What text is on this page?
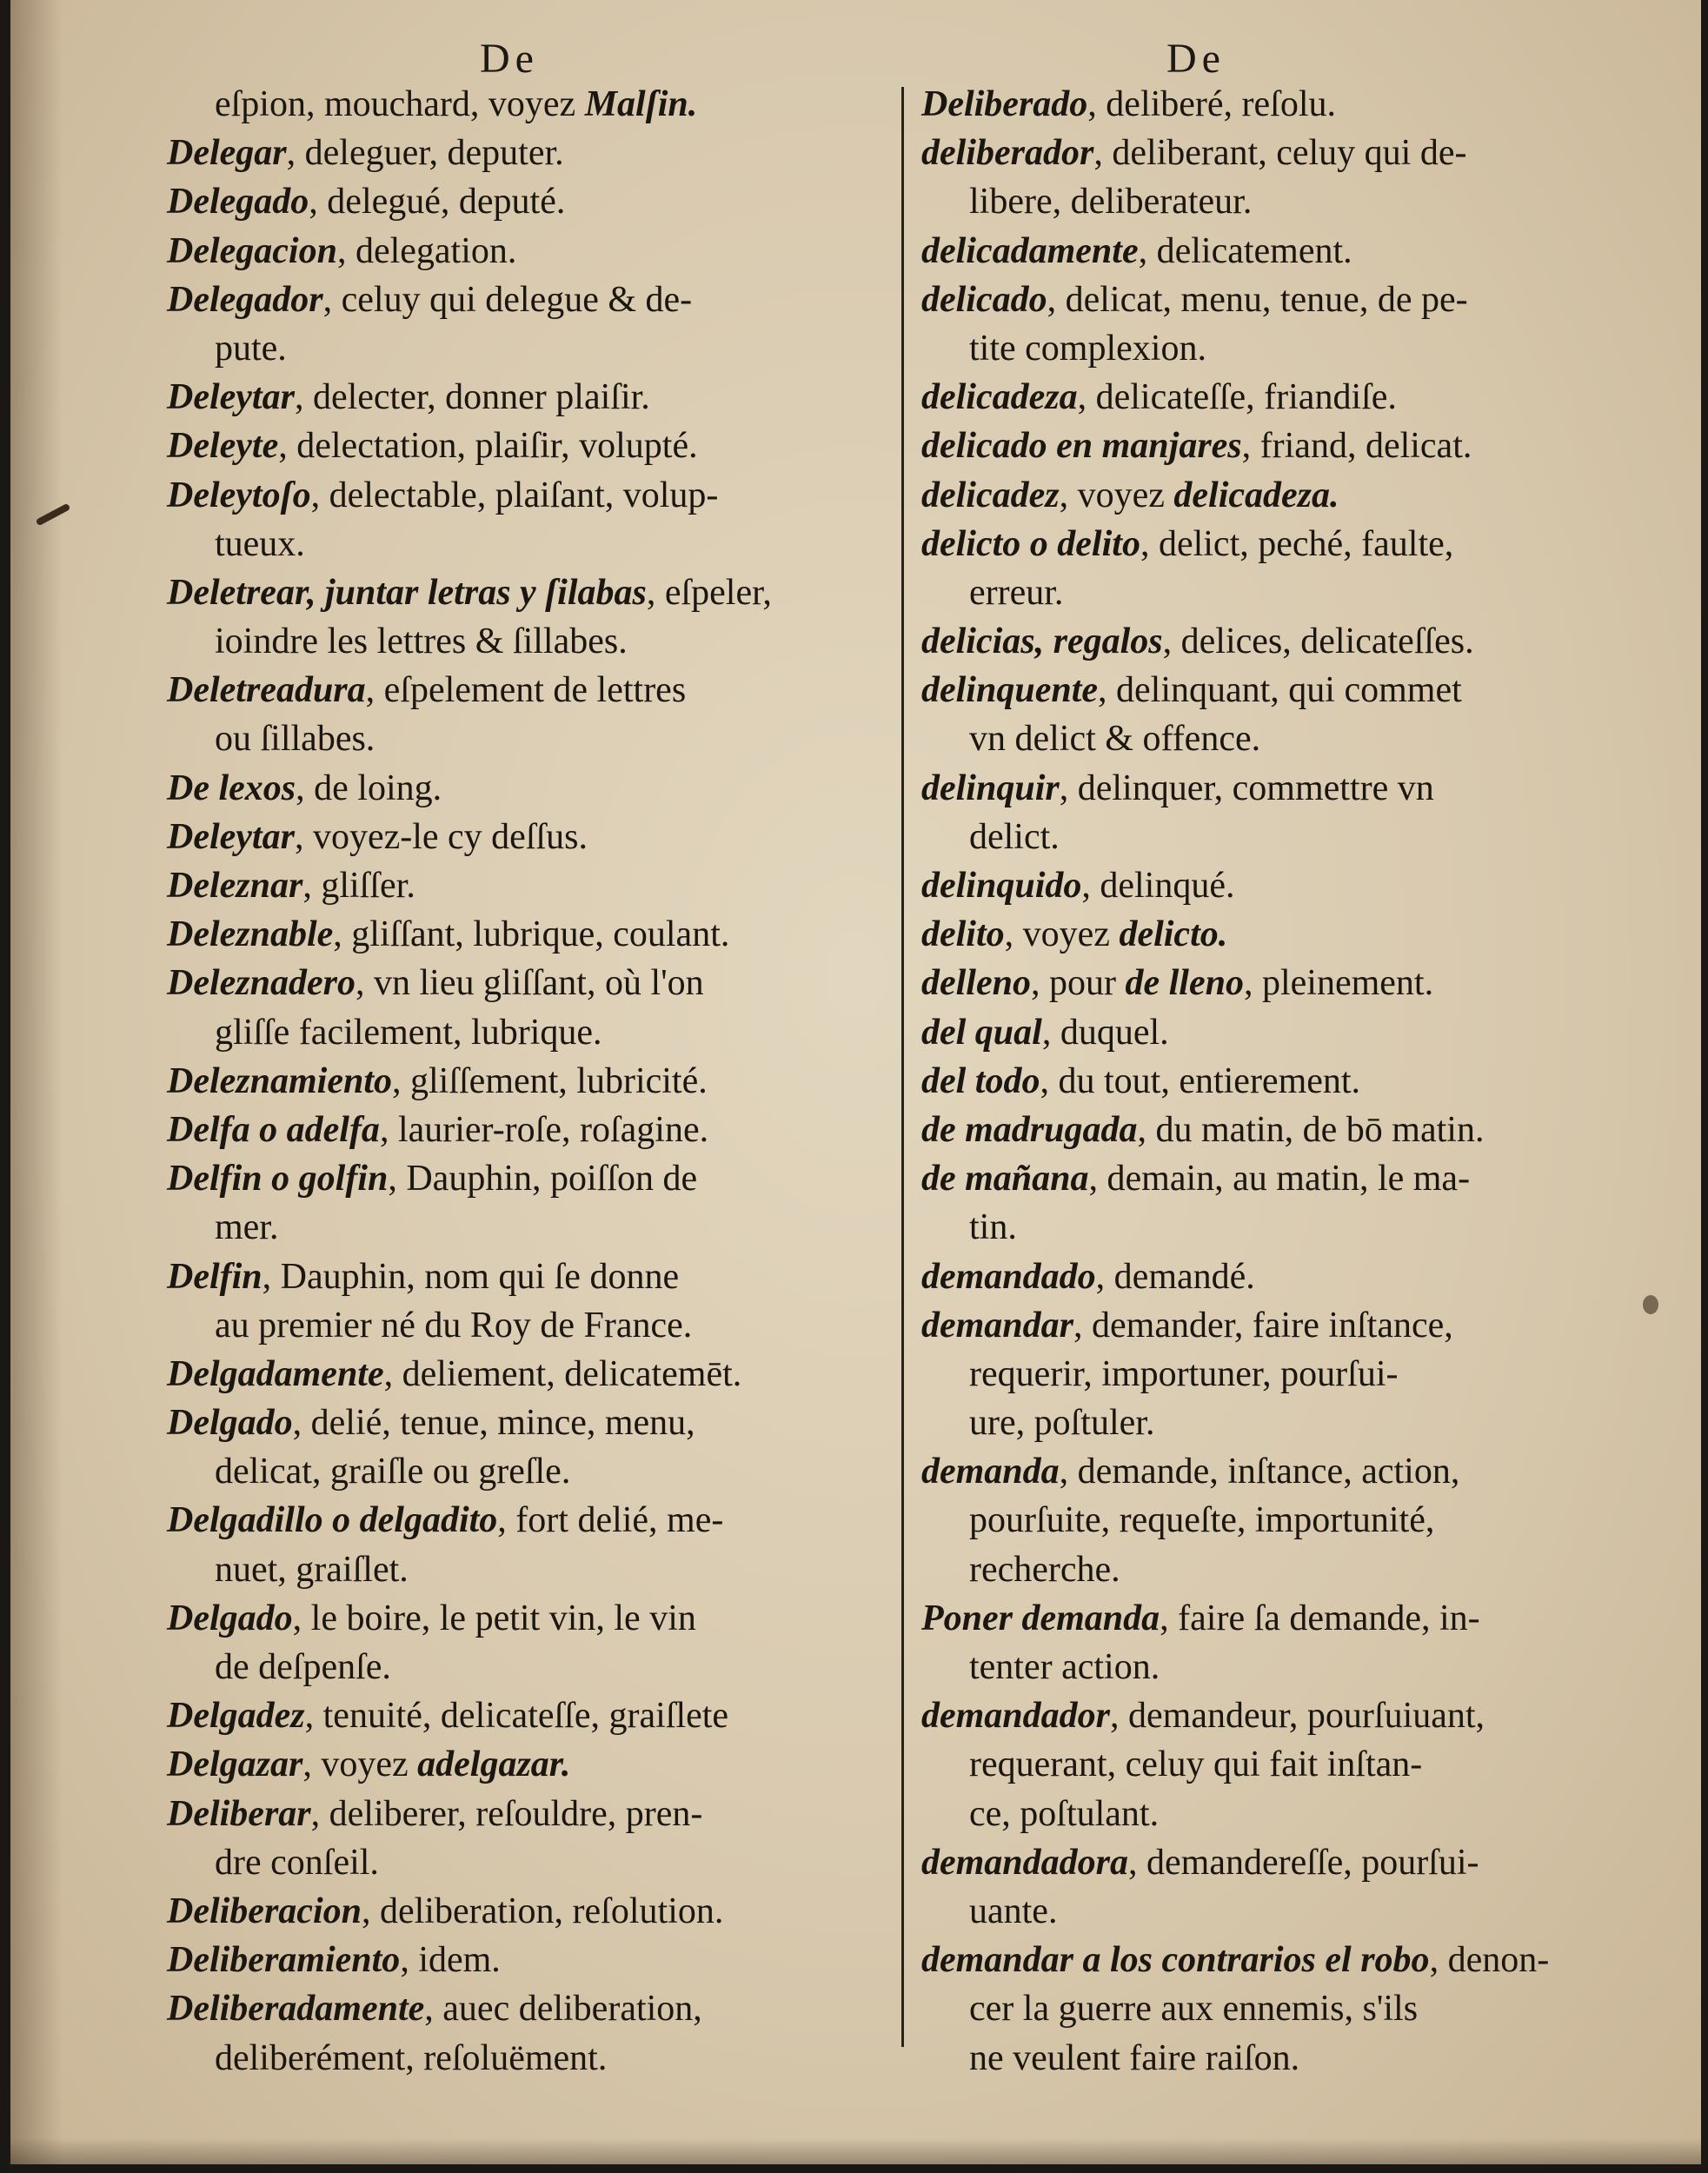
De	De
eſpion, mouchard, voyez Malſin.
Delegar, deleguer, deputer.
Delegado, delegué, deputé.
Delegacion, delegation.
Delegador, celuy qui delegue & de-
pute.
Deleytar, delecter, donner plaiſir.
Deleyte, delectation, plaiſir, volupté.
Deleytoſo, delectable, plaiſant, volup-
tueux.
Deletrear, juntar letras y ſilabas, eſpeler,
ioindre les lettres & ſillabes.
Deletreadura, eſpelement de lettres
ou ſillabes.
De lexos, de loing.
Deleytar, voyez-le cy deſſus.
Deleznar, gliſſer.
Deleznable, gliſſant, lubrique, coulant.
Deleznadero, vn lieu gliſſant, où l'on
gliſſe facilement, lubrique.
Deleznamiento, gliſſement, lubricité.
Delfa o adelfa, laurier-roſe, roſagine.
Delfin o golfin, Dauphin, poiſſon de
mer.
Delfin, Dauphin, nom qui ſe donne
au premier né du Roy de France.
Delgadamente, deliement, delicatemēt.
Delgado, delié, tenue, mince, menu,
delicat, graiſle ou greſle.
Delgadillo o delgadito, fort delié, me-
nuet, graiſlet.
Delgado, le boire, le petit vin, le vin
de deſpenſe.
Delgadez, tenuité, delicateſſe, graiſlete
Delgazar, voyez adelgazar.
Deliberar, deliberer, reſouldre, pren-
dre conſeil.
Deliberacion, deliberation, reſolution.
Deliberamiento, idem.
Deliberadamente, auec deliberation,
deliberément, reſoluëment.
Deliberado, deliberé, reſolu.
deliberador, deliberant, celuy qui de-
libere, deliberateur.
delicadamente, delicatement.
delicado, delicat, menu, tenue, de pe-
tite complexion.
delicadeza, delicateſſe, friandiſe.
delicado en manjares, friand, delicat.
delicadez, voyez delicadeza.
delicto o delito, delict, peché, faulte,
erreur.
delicias, regalos, delices, delicateſſes.
delinquente, delinquant, qui commet
vn delict & offence.
delinquir, delinquer, commettre vn
delict.
delinquido, delinqué.
delito, voyez delicto.
delleno, pour de lleno, pleinement.
del qual, duquel.
del todo, du tout, entierement.
de madrugada, du matin, de bō matin.
de mañana, demain, au matin, le ma-
tin.
demandado, demandé.
demandar, demander, faire inſtance,
requerir, importuner, pourſui-
ure, poſtuler.
demanda, demande, inſtance, action,
pourſuite, requeſte, importunité,
recherche.
Poner demanda, faire ſa demande, in-
tenter action.
demandador, demandeur, pourſuiuant,
requerant, celuy qui fait inſtan-
ce, poſtulant.
demandadora, demandereſſe, pourſui-
uante.
demandar a los contrarios el robo, denon-
cer la guerre aux ennemis, s'ils
ne veulent faire raiſon.
